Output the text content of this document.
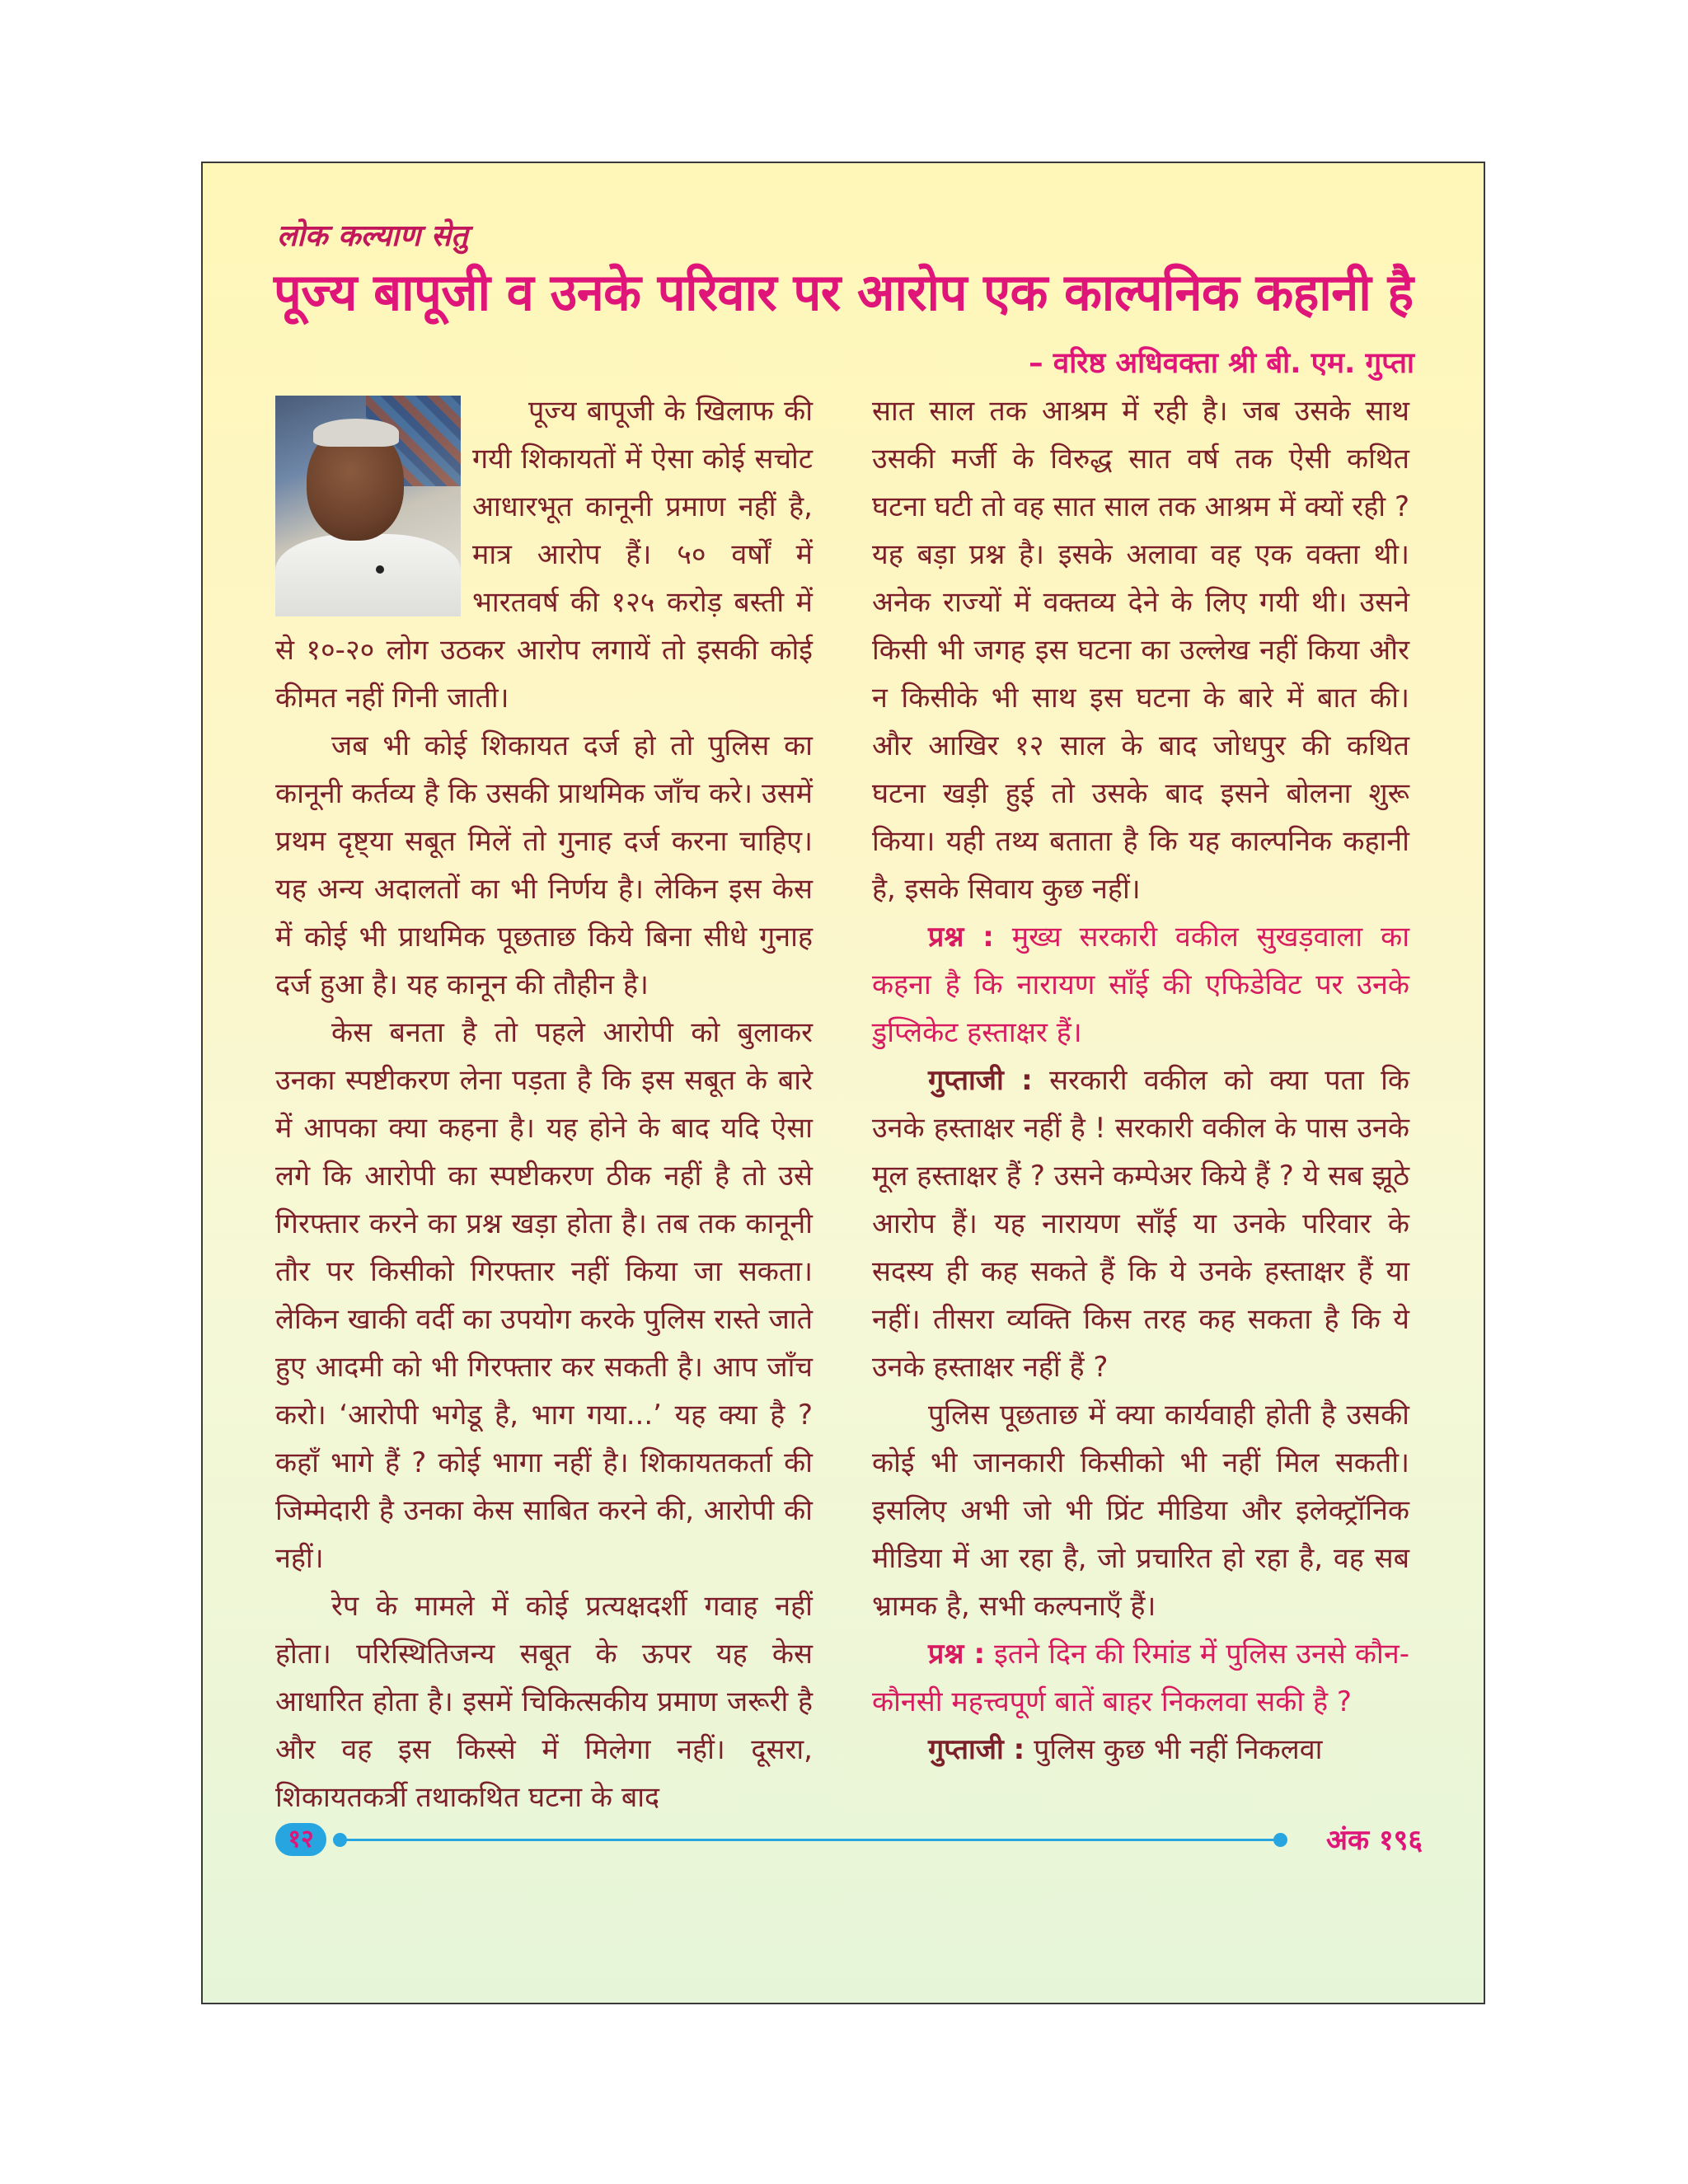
लोक कल्याण सेतु
पूज्य बापूजी व उनके परिवार पर आरोप एक काल्पनिक कहानी है
– वरिष्ठ अधिवक्ता श्री बी. एम. गुप्ता

पूज्य बापूजी के खिलाफ की गयी शिकायतों में ऐसा कोई सचोट आधारभूत कानूनी प्रमाण नहीं है, मात्र आरोप हैं। ५० वर्षों में भारतवर्ष की १२५ करोड़ बस्ती में से १०-२० लोग उठकर आरोप लगायें तो इसकी कोई कीमत नहीं गिनी जाती।

जब भी कोई शिकायत दर्ज हो तो पुलिस का कानूनी कर्तव्य है कि उसकी प्राथमिक जाँच करे। उसमें प्रथम दृष्ट्या सबूत मिलें तो गुनाह दर्ज करना चाहिए। यह अन्य अदालतों का भी निर्णय है। लेकिन इस केस में कोई भी प्राथमिक पूछताछ किये बिना सीधे गुनाह दर्ज हुआ है। यह कानून की तौहीन है।

केस बनता है तो पहले आरोपी को बुलाकर उनका स्पष्टीकरण लेना पड़ता है कि इस सबूत के बारे में आपका क्या कहना है। यह होने के बाद यदि ऐसा लगे कि आरोपी का स्पष्टीकरण ठीक नहीं है तो उसे गिरफ्तार करने का प्रश्न खड़ा होता है। तब तक कानूनी तौर पर किसीको गिरफ्तार नहीं किया जा सकता। लेकिन खाकी वर्दी का उपयोग करके पुलिस रास्ते जाते हुए आदमी को भी गिरफ्तार कर सकती है। आप जाँच करो। ‘आरोपी भगेडू है, भाग गया...’ यह क्या है ? कहाँ भागे हैं ? कोई भागा नहीं है। शिकायतकर्ता की जिम्मेदारी है उनका केस साबित करने की, आरोपी की नहीं।

रेप के मामले में कोई प्रत्यक्षदर्शी गवाह नहीं होता। परिस्थितिजन्य सबूत के ऊपर यह केस आधारित होता है। इसमें चिकित्सकीय प्रमाण जरूरी है और वह इस किस्से में मिलेगा नहीं। दूसरा, शिकायतकर्त्री तथाकथित घटना के बाद

सात साल तक आश्रम में रही है। जब उसके साथ उसकी मर्जी के विरुद्ध सात वर्ष तक ऐसी कथित घटना घटी तो वह सात साल तक आश्रम में क्यों रही ? यह बड़ा प्रश्न है। इसके अलावा वह एक वक्ता थी। अनेक राज्यों में वक्तव्य देने के लिए गयी थी। उसने किसी भी जगह इस घटना का उल्लेख नहीं किया और न किसीके भी साथ इस घटना के बारे में बात की। और आखिर १२ साल के बाद जोधपुर की कथित घटना खड़ी हुई तो उसके बाद इसने बोलना शुरू किया। यही तथ्य बताता है कि यह काल्पनिक कहानी है, इसके सिवाय कुछ नहीं।

प्रश्न : मुख्य सरकारी वकील सुखड़वाला का कहना है कि नारायण साँई की एफिडेविट पर उनके डुप्लिकेट हस्ताक्षर हैं।

गुप्ताजी : सरकारी वकील को क्या पता कि उनके हस्ताक्षर नहीं है ! सरकारी वकील के पास उनके मूल हस्ताक्षर हैं ? उसने कम्पेअर किये हैं ? ये सब झूठे आरोप हैं। यह नारायण साँई या उनके परिवार के सदस्य ही कह सकते हैं कि ये उनके हस्ताक्षर हैं या नहीं। तीसरा व्यक्ति किस तरह कह सकता है कि ये उनके हस्ताक्षर नहीं हैं ?

पुलिस पूछताछ में क्या कार्यवाही होती है उसकी कोई भी जानकारी किसीको भी नहीं मिल सकती। इसलिए अभी जो भी प्रिंट मीडिया और इलेक्ट्रॉनिक मीडिया में आ रहा है, जो प्रचारित हो रहा है, वह सब भ्रामक है, सभी कल्पनाएँ हैं।

प्रश्न : इतने दिन की रिमांड में पुलिस उनसे कौन-कौनसी महत्त्वपूर्ण बातें बाहर निकलवा सकी है ?

गुप्ताजी : पुलिस कुछ भी नहीं निकलवा

१२	अंक १९६
